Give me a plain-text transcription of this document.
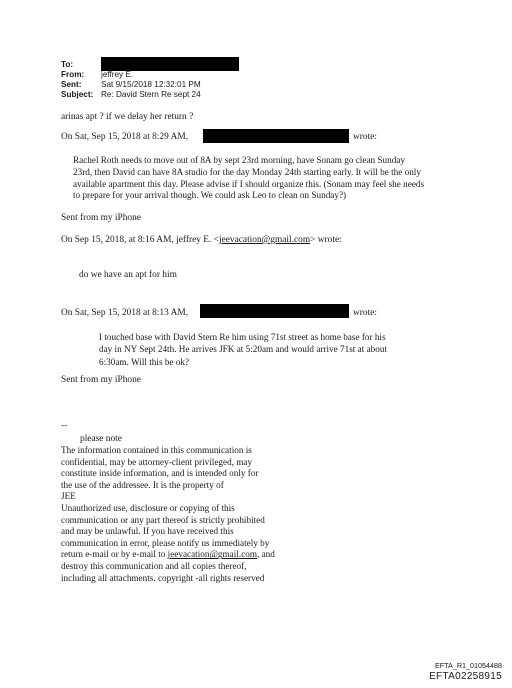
To:
From: jeffrey E.
Sent: Sat 9/15/2018 12:32:01 PM
Subject: Re: David Stern Re sept 24
arinas apt ? if we delay her return ?
On Sat, Sep 15, 2018 at 8:29 AM,	wrote:
Rachel Roth needs to move out of 8A by sept 23rd morning, have Sonam go clean Sunday
23rd, then David can have 8A studio for the day Monday 24th starting early. It will be the only
available apartment this day. Please advise if I should organize this. (Sonam may feel she needs
to prepare for your arrival though. We could ask Leo to clean on Sunday?)
Sent from my iPhone
On Sep 15, 2018, at 8:16 AM, jeffrey E. <jeevacation@gmail.com> wrote:
do we have an apt for him
On Sat, Sep 15, 2018 at 8:13 AM,	wrote:
I touched base with David Stern Re him using 71st street as home base for his
day in NY Sept 24th. He arrives JFK at 5:20am and would arrive 71st at about
6:30am. Will this be ok?
Sent from my iPhone
--
please note
The information contained in this communication is
confidential, may be attorney-client privileged, may
constitute inside information, and is intended only for
the use of the addressee. It is the property of
JEE
Unauthorized use, disclosure or copying of this
communication or any part thereof is strictly prohibited
and may be unlawful. If you have received this
communication in error, please notify us immediately by
return e-mail or by e-mail to jeevacation@gmail.com, and
destroy this communication and all copies thereof,
including all attachments. copyright -all rights reserved
EFTA_R1_01054488
EFTA02258915
